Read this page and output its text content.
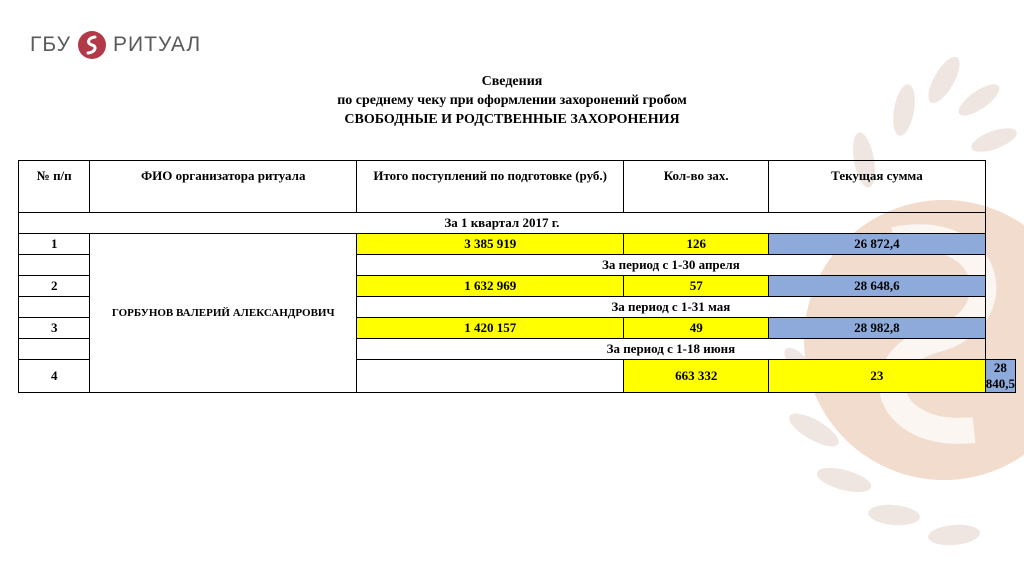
ГБУ РИТУАЛ
Сведения
по среднему чеку при оформлении захоронений гробом
СВОБОДНЫЕ И РОДСТВЕННЫЕ ЗАХОРОНЕНИЯ
№ п/п	ФИО организатора ритуала	Итого поступлений по подготовке (руб.)	Кол-во зах.	Текущая сумма	
За 1 квартал 2017 г.					
1	ГОРБУНОВ ВАЛЕРИЙ АЛЕКСАНДРОВИЧ	3 385 919	126	26 872,4	
		За период с 1-30 апреля			
2		1 632 969	57	28 648,6	
		За период с 1-31 мая			
3		1 420 157	49	28 982,8	
		За период с 1-18 июня			
4			663 332	23	28 840,5
